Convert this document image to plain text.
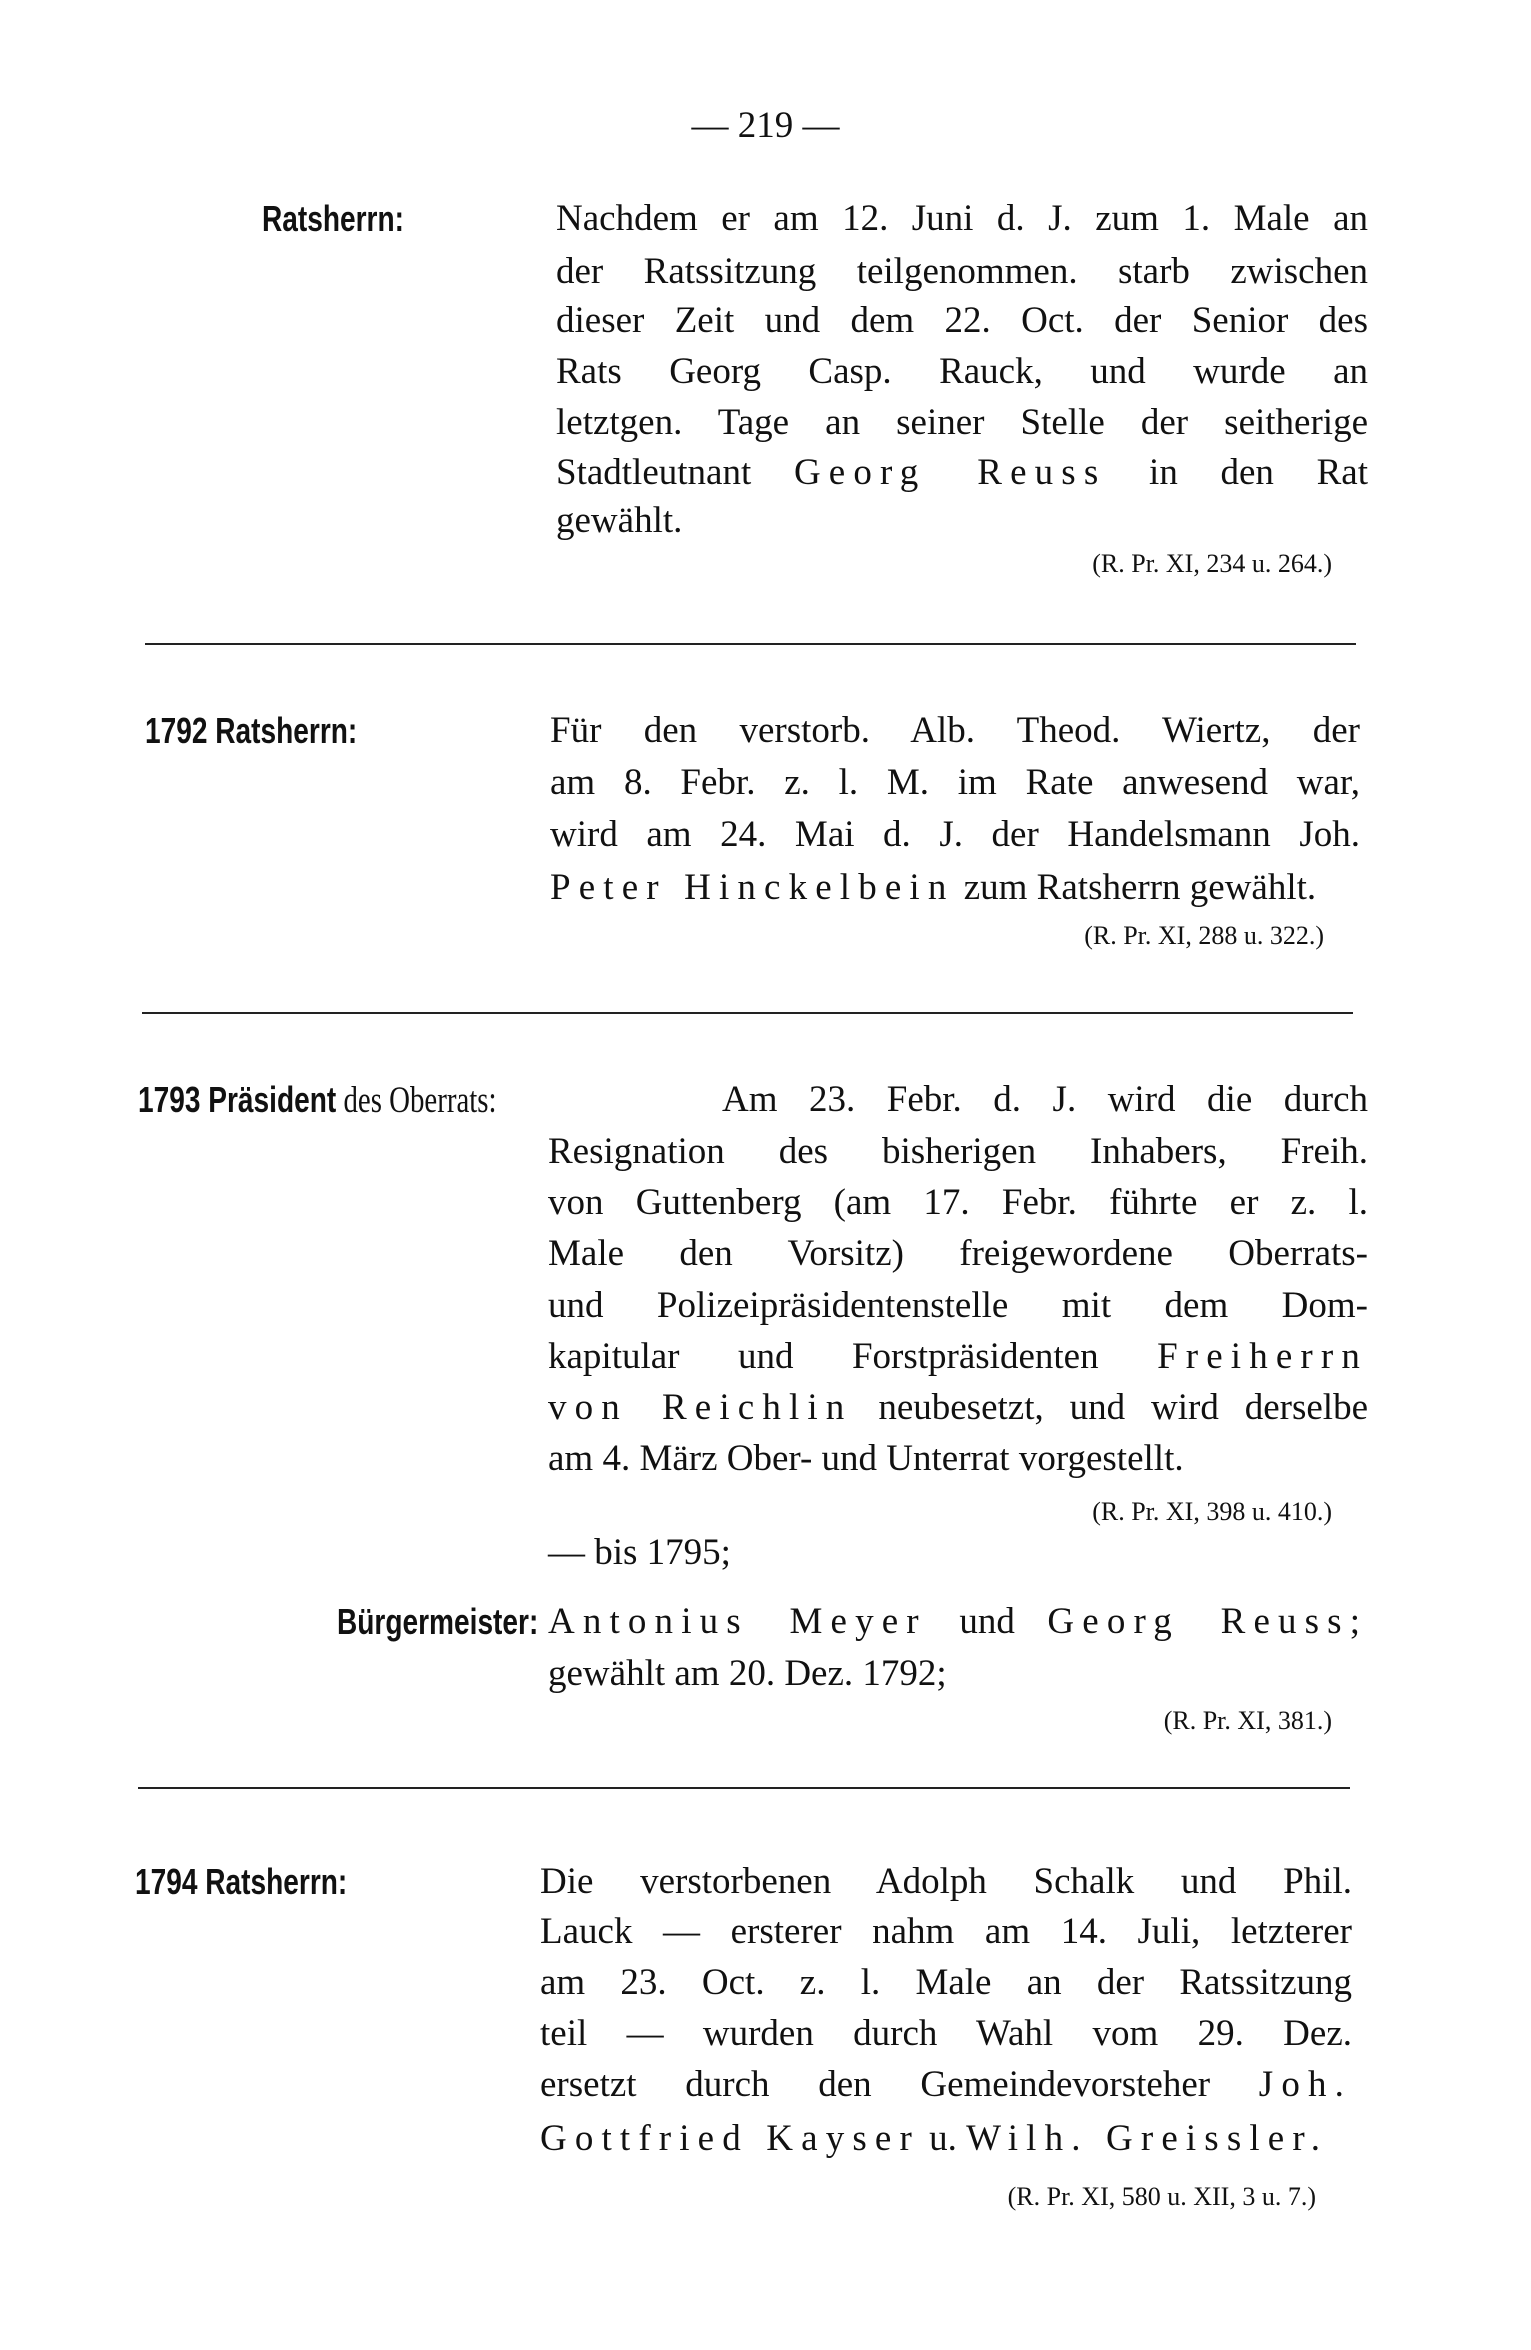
— 219 —
Ratsherrn:	Nachdem er am 12. Juni d. J. zum 1. Male an
der Ratssitzung teilgenommen. starb zwischen
dieser Zeit und dem 22. Oct. der Senior des
Rats Georg Casp. Rauck, und wurde an
letztgen. Tage an seiner Stelle der seitherige
Stadtleutnant Georg Reuss in den Rat
gewählt.
(R. Pr. XI, 234 u. 264.)
1792 Ratsherrn:	Für den verstorb. Alb. Theod. Wiertz, der
am 8. Febr. z. l. M. im Rate anwesend war,
wird am 24. Mai d. J. der Handelsmann Joh.
Peter Hinckelbein zum Ratsherrn gewählt.
(R. Pr. XI, 288 u. 322.)
1793 Präsident des Oberrats:	Am 23. Febr. d. J. wird die durch
Resignation des bisherigen Inhabers, Freih.
von Guttenberg (am 17. Febr. führte er z. l.
Male den Vorsitz) freigewordene Oberrats-
und Polizeipräsidentenstelle mit dem Dom-
kapitular und Forstpräsidenten Freiherrn
von Reichlin neubesetzt, und wird derselbe
am 4. März Ober- und Unterrat vorgestellt.
(R. Pr. XI, 398 u. 410.)
— bis 1795;
Bürgermeister: Antonius Meyer und Georg Reuss;
gewählt am 20. Dez. 1792;
(R. Pr. XI, 381.)
1794 Ratsherrn:	Die verstorbenen Adolph Schalk und Phil.
Lauck — ersterer nahm am 14. Juli, letzterer
am 23. Oct. z. l. Male an der Ratssitzung
teil — wurden durch Wahl vom 29. Dez.
ersetzt durch den Gemeindevorsteher Joh.
Gottfried Kayser u. Wilh. Greissler.
(R. Pr. XI, 580 u. XII, 3 u. 7.)
